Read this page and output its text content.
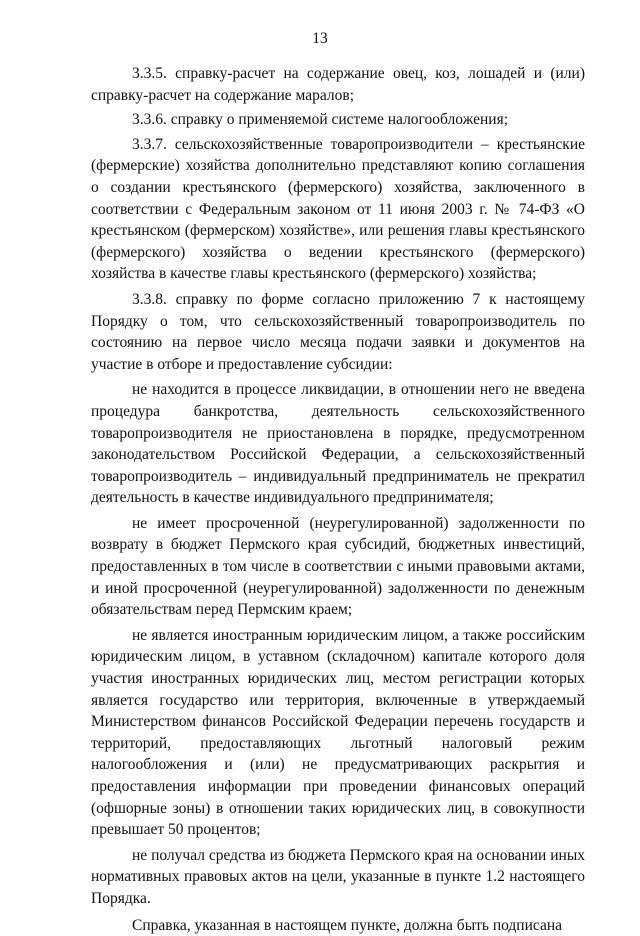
13

3.3.5. справку-расчет на содержание овец, коз, лошадей и (или) справку-расчет на содержание маралов;

3.3.6. справку о применяемой системе налогообложения;

3.3.7. сельскохозяйственные товаропроизводители – крестьянские (фермерские) хозяйства дополнительно представляют копию соглашения о создании крестьянского (фермерского) хозяйства, заключенного в соответствии с Федеральным законом от 11 июня 2003 г. № 74-ФЗ «О крестьянском (фермерском) хозяйстве», или решения главы крестьянского (фермерского) хозяйства о ведении крестьянского (фермерского) хозяйства в качестве главы крестьянского (фермерского) хозяйства;

3.3.8. справку по форме согласно приложению 7 к настоящему Порядку о том, что сельскохозяйственный товаропроизводитель по состоянию на первое число месяца подачи заявки и документов на участие в отборе и предоставление субсидии:

не находится в процессе ликвидации, в отношении него не введена процедура банкротства, деятельность сельскохозяйственного товаропроизводителя не приостановлена в порядке, предусмотренном законодательством Российской Федерации, а сельскохозяйственный товаропроизводитель – индивидуальный предприниматель не прекратил деятельность в качестве индивидуального предпринимателя;

не имеет просроченной (неурегулированной) задолженности по возврату в бюджет Пермского края субсидий, бюджетных инвестиций, предоставленных в том числе в соответствии с иными правовыми актами, и иной просроченной (неурегулированной) задолженности по денежным обязательствам перед Пермским краем;

не является иностранным юридическим лицом, а также российским юридическим лицом, в уставном (складочном) капитале которого доля участия иностранных юридических лиц, местом регистрации которых является государство или территория, включенные в утверждаемый Министерством финансов Российской Федерации перечень государств и территорий, предоставляющих льготный налоговый режим налогообложения и (или) не предусматривающих раскрытия и предоставления информации при проведении финансовых операций (офшорные зоны) в отношении таких юридических лиц, в совокупности превышает 50 процентов;

не получал средства из бюджета Пермского края на основании иных нормативных правовых актов на цели, указанные в пункте 1.2 настоящего Порядка.

Справка, указанная в настоящем пункте, должна быть подписана
